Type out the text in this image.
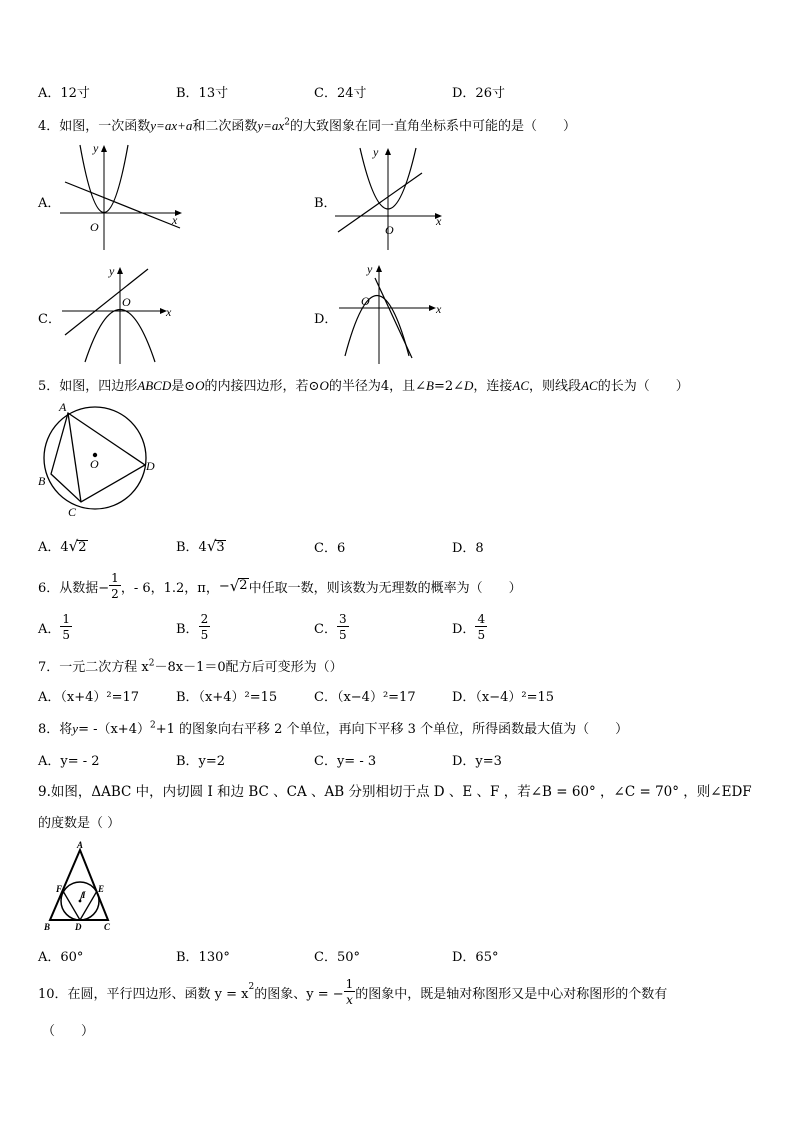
A．12寸	B．13寸	C．24寸	D．26寸
4．如图，一次函数y=ax+a和二次函数$y=ax^2$的大致图象在同一直角坐标系中可能的是（　　）
A．	B．
C．	D．
x
y
O	x
y
O
x
y
O	x
y
O
5．如图，四边形ABCD是⊙O的内接四边形，若⊙O的半径为4，且∠B=2∠D，连接AC，则线段AC的长为（　　）
A
B
C
D
O
A．4√2	B．4√3	C．6	D．8
6．从数据− $\frac{1}{2}$ ，- 6，1.2，π， − √ 2 中任取一数，则该数为无理数的概率为（　　）
A． $\frac{1}{5}$	B． $\frac{2}{5}$	C． $\frac{3}{5}$	D． $\frac{4}{5}$
7．一元二次方程 $x^2-8x-1=0$配方后可变形为（）
A．（x+4）²=17	B．（x+4）²=15	C．（x−4）²=17	D．（x−4）²=15
8．将$y= -(x+4)^2+1$ 的图象向右平移 2 个单位，再向下平移 3 个单位，所得函数最大值为（　　）
A．y= - 2	B．y=2	C．y= - 3	D．y=3
9.如图，ΔABC 中，内切圆 I 和边 BC 、CA 、AB 分别相切于点 D 、E 、F ，若∠B = 60° ，∠C = 70° ，则∠EDF
的度数是（ ）
A
B	C
D
E
F
I
A．60°	B．130°	C．50°	D．65°
10．在圆，平行四边形、函数 $y = x^2$ 的图象、y = − $\frac{1}{x}$ 的图象中，既是轴对称图形又是中心对称图形的个数有
（　　）
